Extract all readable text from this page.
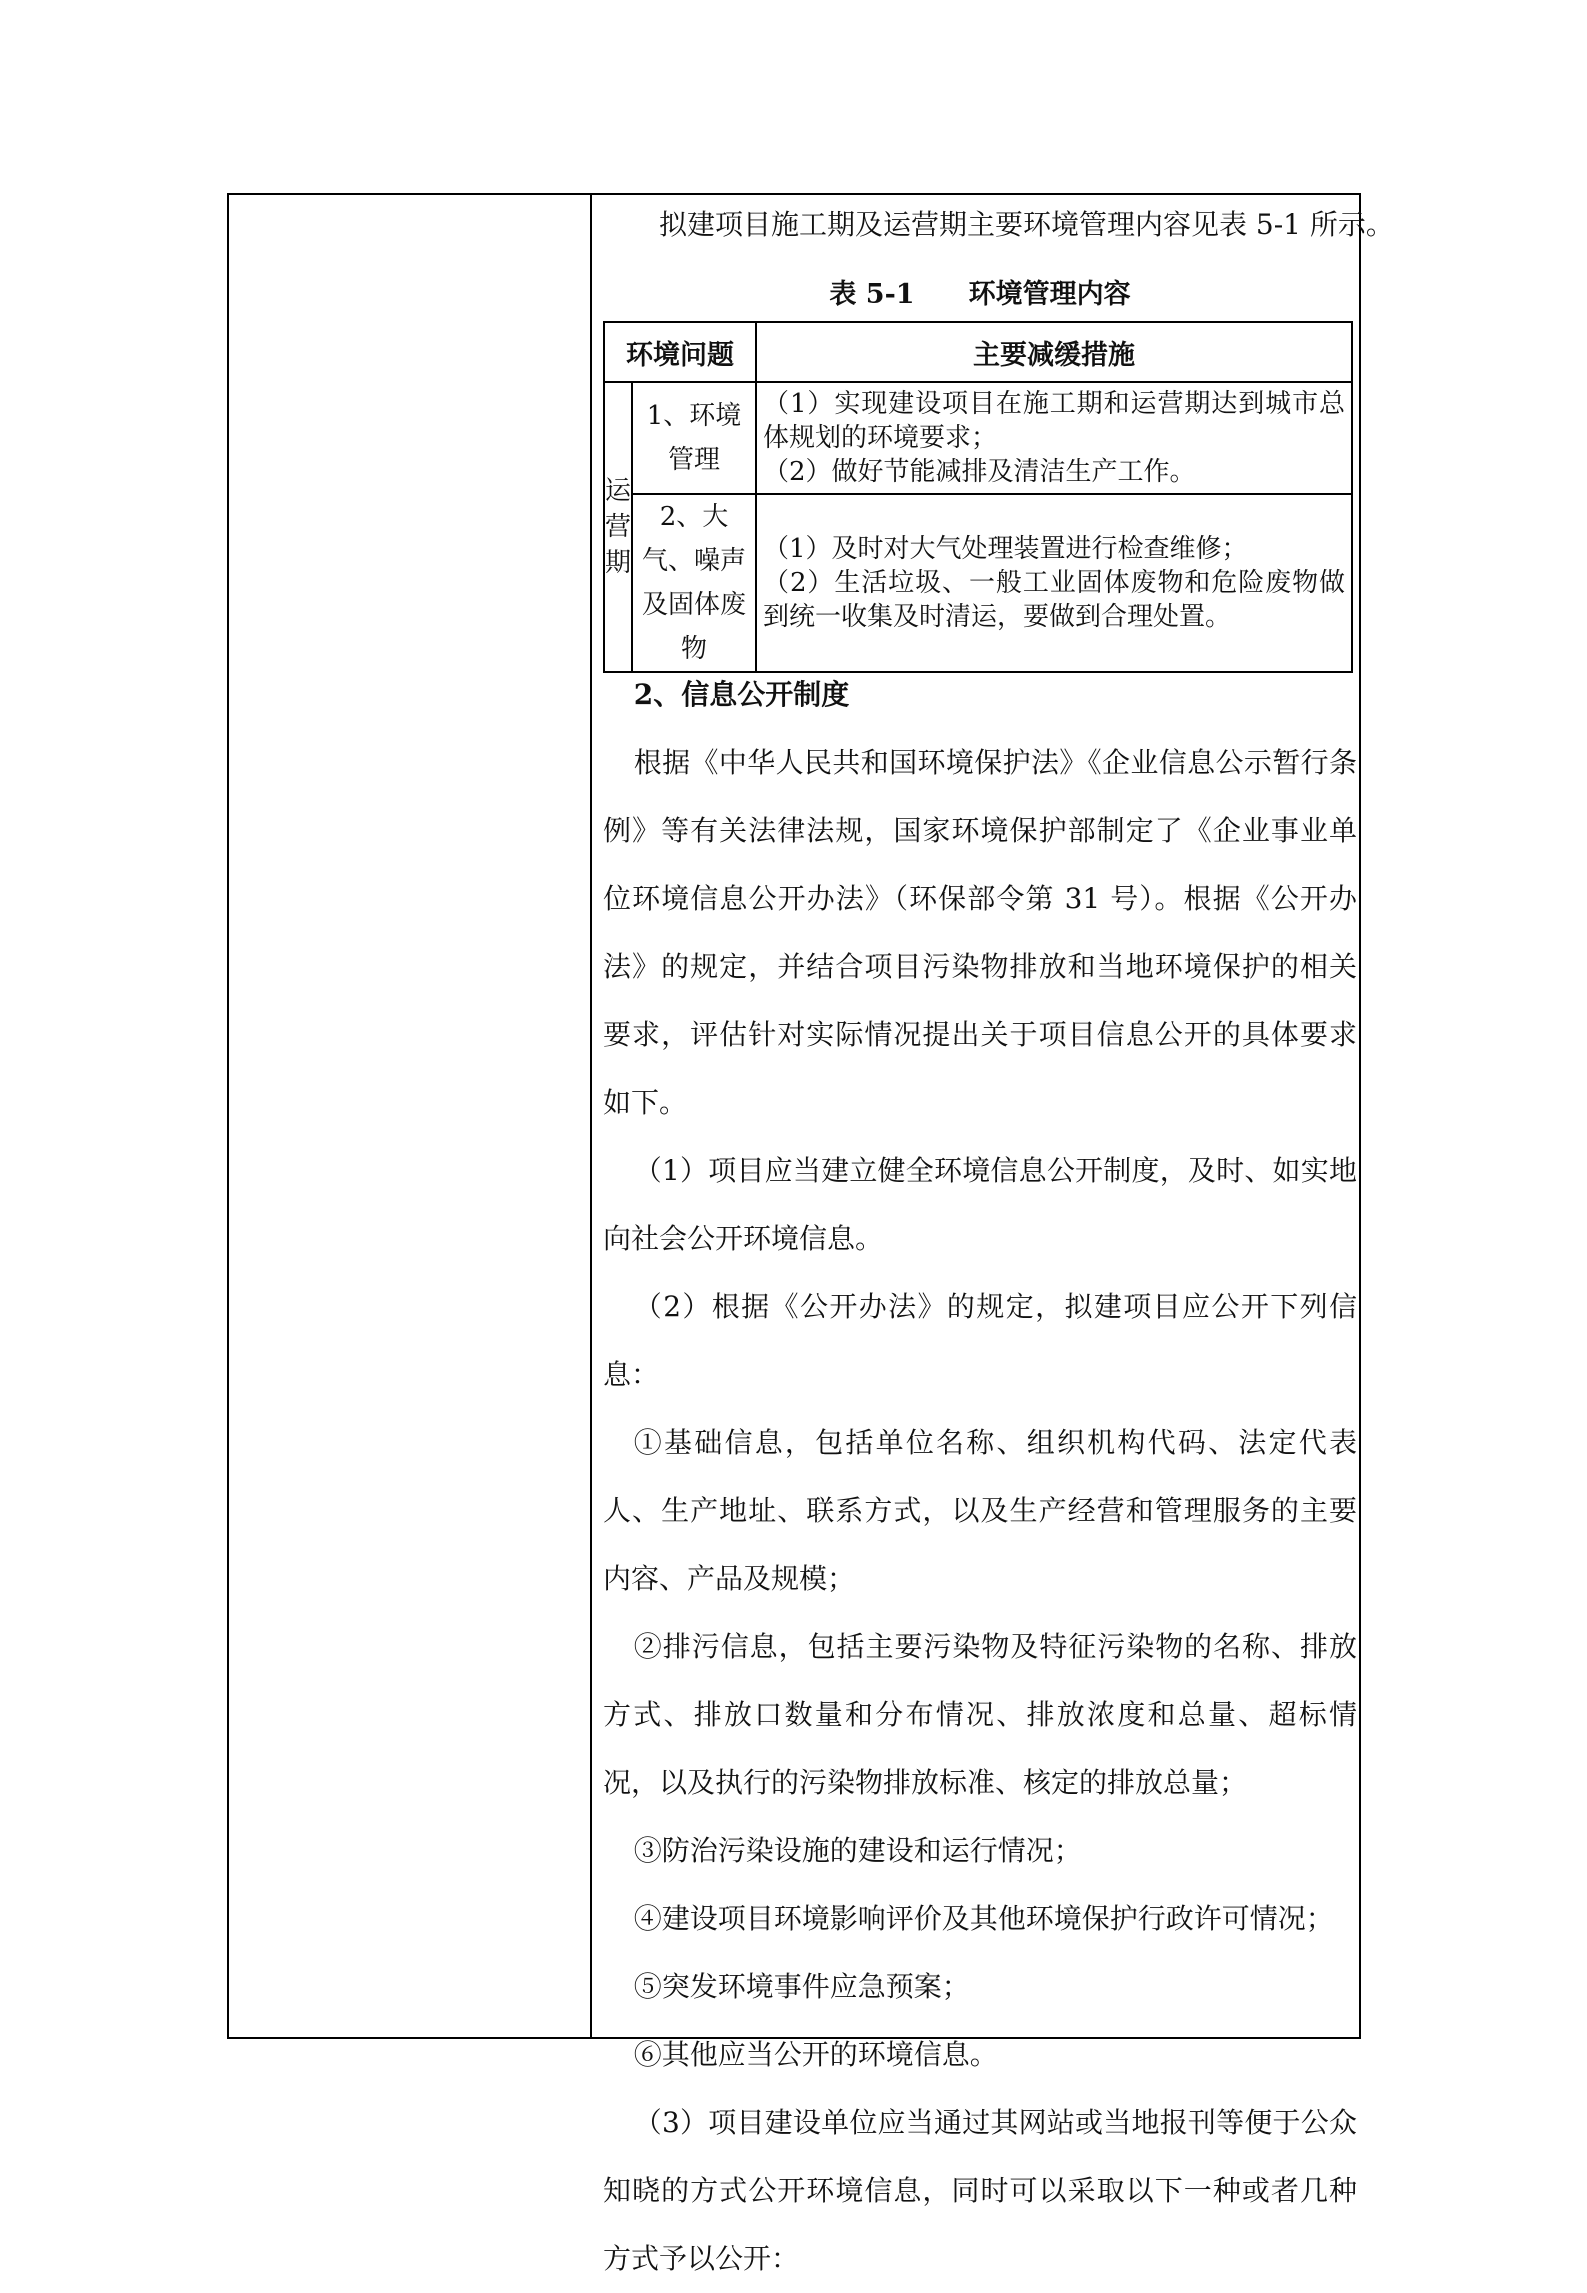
拟建项目施工期及运营期主要环境管理内容见表 5-1 所示。
表 5-1　　环境管理内容
环境问题		主要减缓措施
运营期	1、环境管理	（1）实现建设项目在施工期和运营期达到城市总体规划的环境要求；

（2）做好节能减排及清洁生产工作。

	2、大气、噪声及固体废物	（1）及时对大气处理装置进行检查维修；

（2）生活垃圾、一般工业固体废物和危险废物做到统一收集及时清运，要做到合理处置。

2、信息公开制度

根据《中华人民共和国环境保护法》《企业信息公示暂行条例》等有关法律法规，国家环境保护部制定了《企业事业单位环境信息公开办法》（环保部令第 31 号）。根据《公开办法》的规定，并结合项目污染物排放和当地环境保护的相关要求，评估针对实际情况提出关于项目信息公开的具体要求如下。

（1）项目应当建立健全环境信息公开制度，及时、如实地向社会公开环境信息。

（2）根据《公开办法》的规定，拟建项目应公开下列信息：

①基础信息，包括单位名称、组织机构代码、法定代表人、生产地址、联系方式，以及生产经营和管理服务的主要内容、产品及规模；

②排污信息，包括主要污染物及特征污染物的名称、排放方式、排放口数量和分布情况、排放浓度和总量、超标情况，以及执行的污染物排放标准、核定的排放总量；

③防治污染设施的建设和运行情况；

④建设项目环境影响评价及其他环境保护行政许可情况；

⑤突发环境事件应急预案；

⑥其他应当公开的环境信息。

（3）项目建设单位应当通过其网站或当地报刊等便于公众知晓的方式公开环境信息，同时可以采取以下一种或者几种方式予以公开：
